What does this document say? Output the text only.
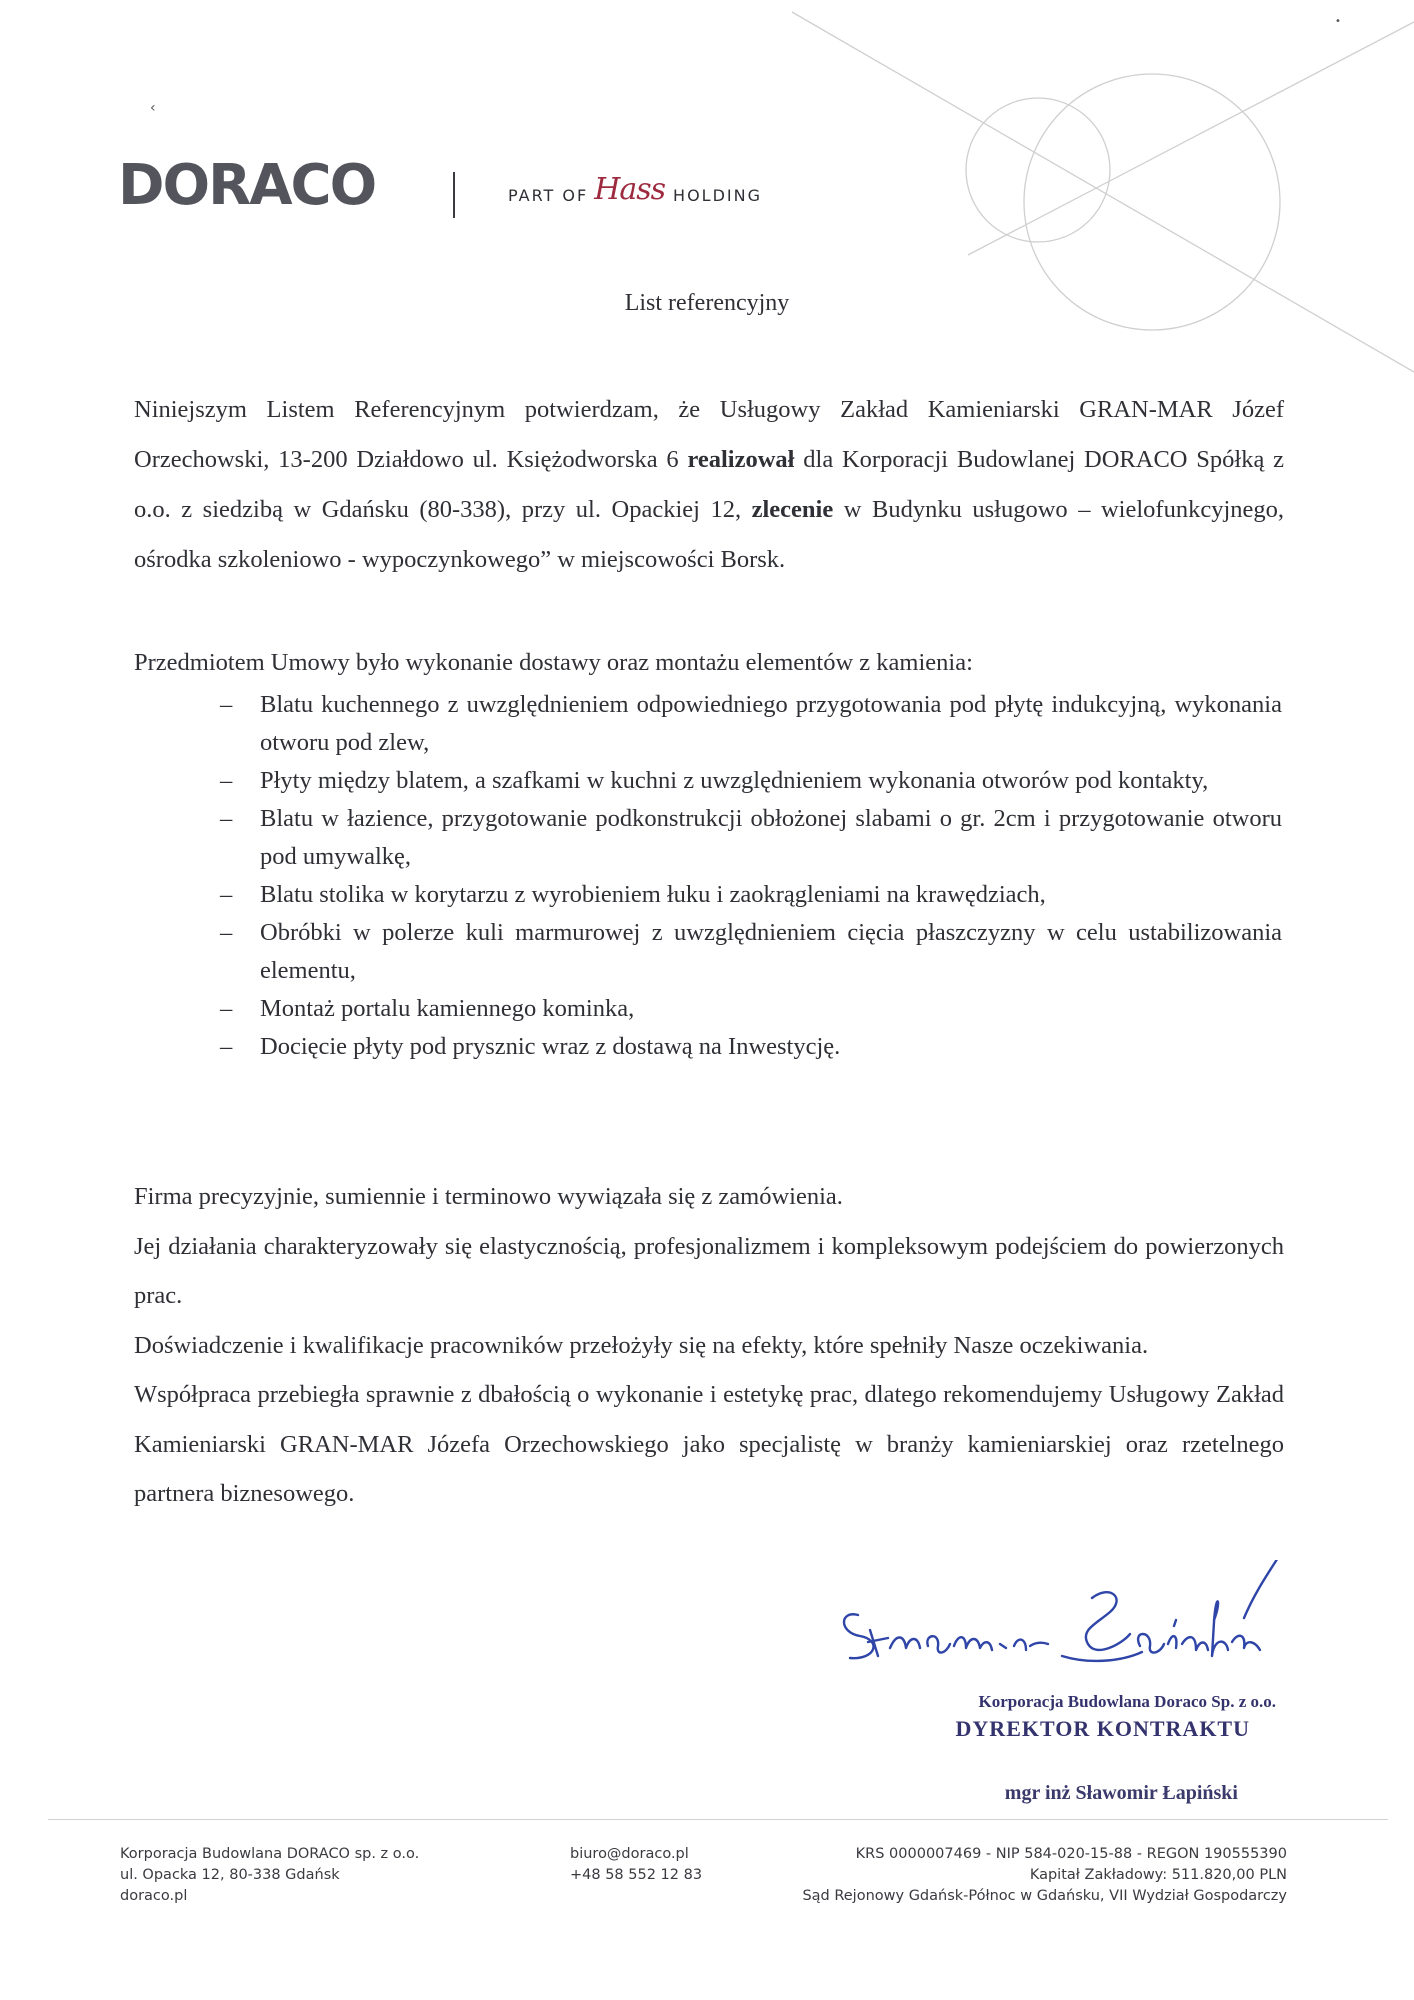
‹
•
DORACO	PART OF Hass HOLDING
List referencyjny

Niniejszym Listem Referencyjnym potwierdzam, że Usługowy Zakład Kamieniarski GRAN-MAR Józef Orzechowski, 13-200 Działdowo ul. Księżodworska 6 realizował dla Korporacji Budowlanej DORACO Spółką z o.o. z siedzibą w Gdańsku (80-338), przy ul. Opackiej 12, zlecenie w Budynku usługowo – wielofunkcyjnego, ośrodka szkoleniowo - wypoczynkowego” w miejscowości Borsk.

Przedmiotem Umowy było wykonanie dostawy oraz montażu elementów z kamienia:

– Blatu kuchennego z uwzględnieniem odpowiedniego przygotowania pod płytę indukcyjną, wykonania otworu pod zlew,
– Płyty między blatem, a szafkami w kuchni z uwzględnieniem wykonania otworów pod kontakty,
– Blatu w łazience, przygotowanie podkonstrukcji obłożonej slabami o gr. 2cm i przygotowanie otworu pod umywalkę,
– Blatu stolika w korytarzu z wyrobieniem łuku i zaokrągleniami na krawędziach,
– Obróbki w polerze kuli marmurowej z uwzględnieniem cięcia płaszczyzny w celu ustabilizowania elementu,
– Montaż portalu kamiennego kominka,
– Docięcie płyty pod prysznic wraz z dostawą na Inwestycję.
Firma precyzyjnie, sumiennie i terminowo wywiązała się z zamówienia.
Jej działania charakteryzowały się elastycznością, profesjonalizmem i kompleksowym podejściem do powierzonych prac.
Doświadczenie i kwalifikacje pracowników przełożyły się na efekty, które spełniły Nasze oczekiwania.
Współpraca przebiegła sprawnie z dbałością o wykonanie i estetykę prac, dlatego rekomendujemy Usługowy Zakład Kamieniarski GRAN-MAR Józefa Orzechowskiego jako specjalistę w branży kamieniarskiej oraz rzetelnego partnera biznesowego.
Korporacja Budowlana Doraco Sp. z o.o.
DYREKTOR KONTRAKTU
mgr inż Sławomir Łapiński
Korporacja Budowlana DORACO sp. z o.o.
ul. Opacka 12, 80-338 Gdańsk
doraco.pl
biuro@doraco.pl
+48 58 552 12 83
KRS 0000007469 - NIP 584-020-15-88 - REGON 190555390
Kapitał Zakładowy: 511.820,00 PLN
Sąd Rejonowy Gdańsk-Północ w Gdańsku, VII Wydział Gospodarczy
